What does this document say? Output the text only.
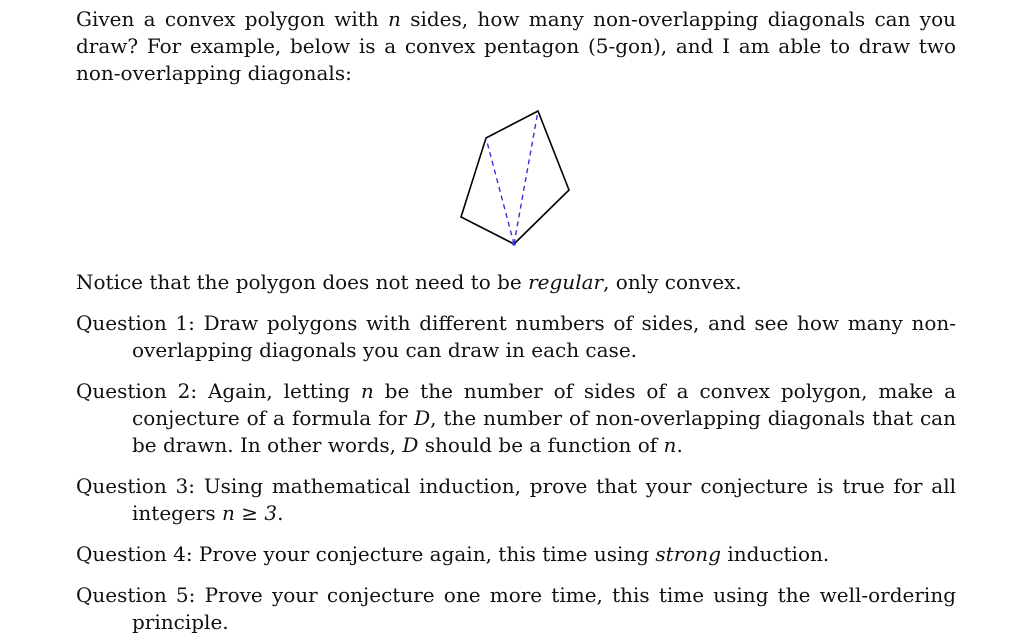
Given a convex polygon with n sides, how many non-overlapping diagonals can you draw? For example, below is a convex pentagon (5-gon), and I am able to draw two non-overlapping diagonals:

Notice that the polygon does not need to be regular, only convex.

Question 1: Draw polygons with different numbers of sides, and see how many non-overlapping diagonals you can draw in each case.

Question 2: Again, letting n be the number of sides of a convex polygon, make a conjecture of a formula for D, the number of non-overlapping diagonals that can be drawn. In other words, D should be a function of n.

Question 3: Using mathematical induction, prove that your conjecture is true for all integers n ≥ 3.

Question 4: Prove your conjecture again, this time using strong induction.

Question 5: Prove your conjecture one more time, this time using the well-ordering principle.
